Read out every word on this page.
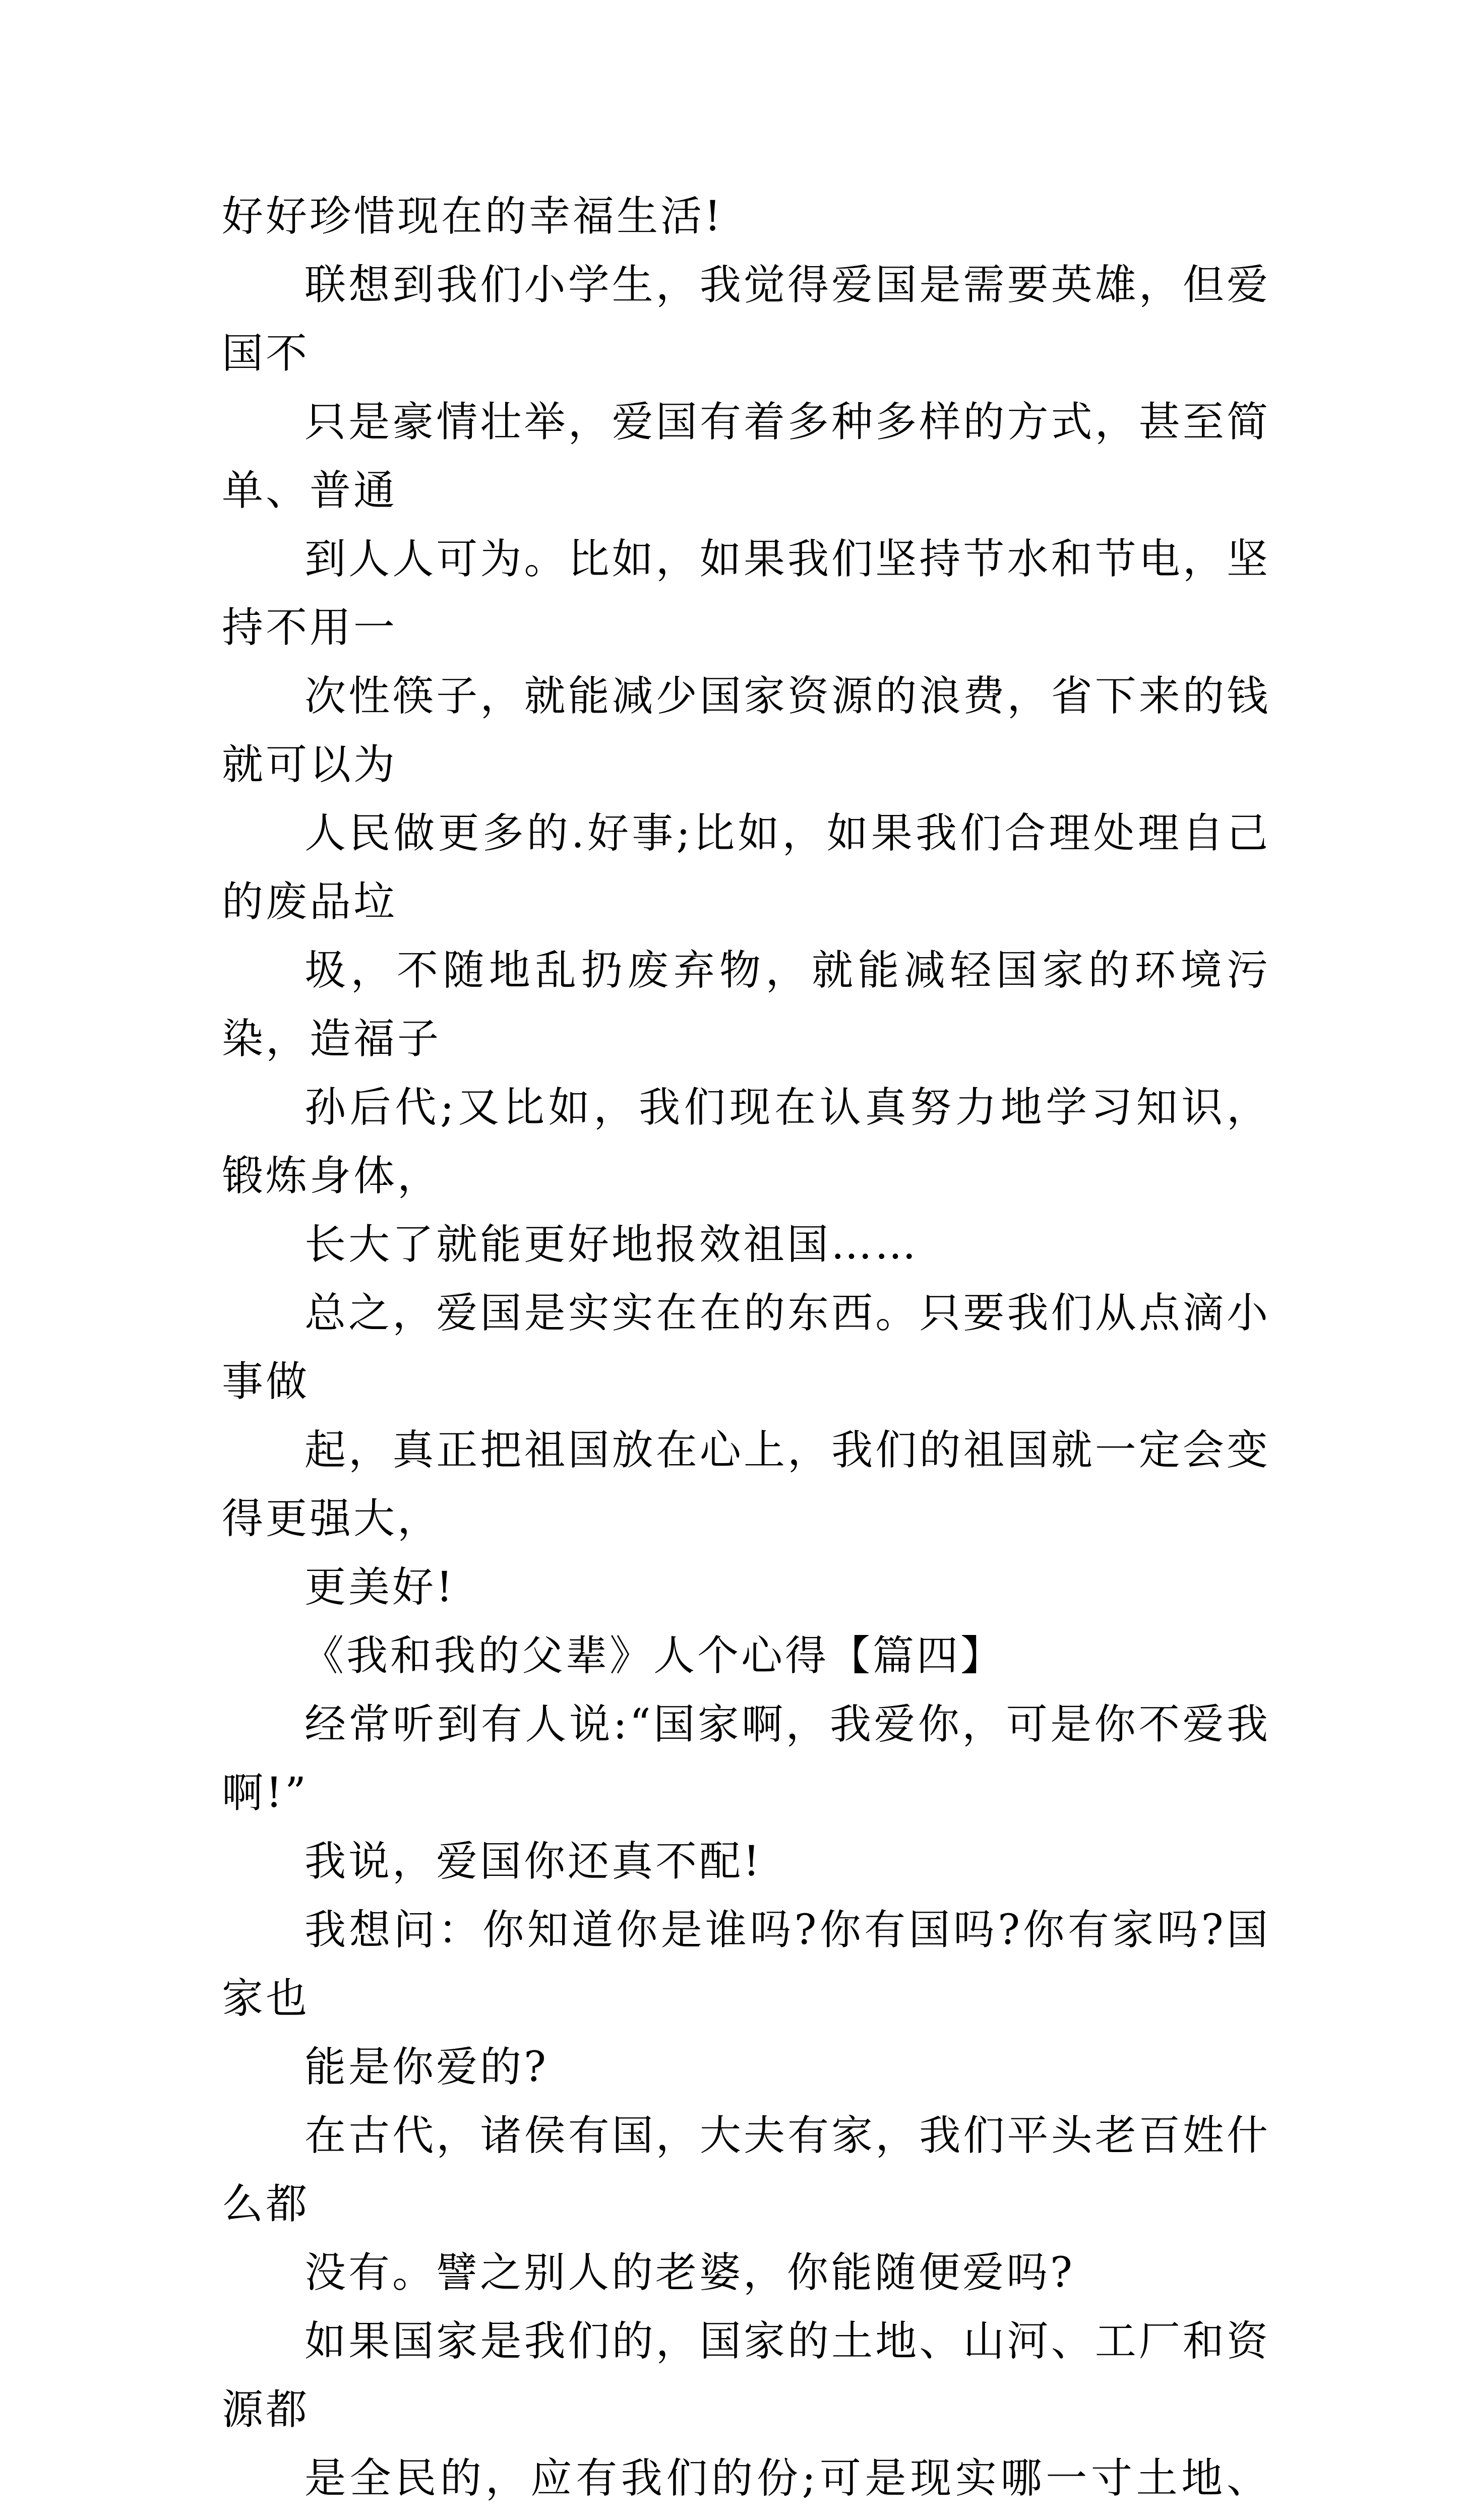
好好珍惜现在的幸福生活!

联想到我们小学生，我觉得爱国是需要英雄，但爱国不
只是豪情壮举，爱国有着多种多样的方式，甚至简单、普通
到人人可为。比如，如果我们坚持节水和节电，坚持不用一
次性筷子，就能减少国家资源的浪费，省下来的钱就可以为
人民做更多的.好事;比如，如果我们合理处理自己的废品垃
圾，不随地乱扔废弃物，就能减轻国家的环境污染，造福子
孙后代;又比如，我们现在认真努力地学习知识，锻炼身体，
长大了就能更好地报效祖国……

总之，爱国是实实在在的东西。只要我们从点滴小事做
起，真正把祖国放在心上，我们的祖国就一定会变得更强大，
更美好!

《我和我的父辈》人个心得【篇四】

经常听到有人说:“国家啊，我爱你，可是你不爱我啊!”

我说，爱国你还真不配!

我想问：你知道你是谁吗?你有国吗?你有家吗?国家也
能是你爱的?

在古代，诸侯有国，大夫有家，我们平头老百姓什么都
没有。譬之别人的老婆，你能随便爱吗?

如果国家是我们的，国家的土地、山河、工厂和资源都
是全民的，应有我们的份;可是现实哪一寸土地、
